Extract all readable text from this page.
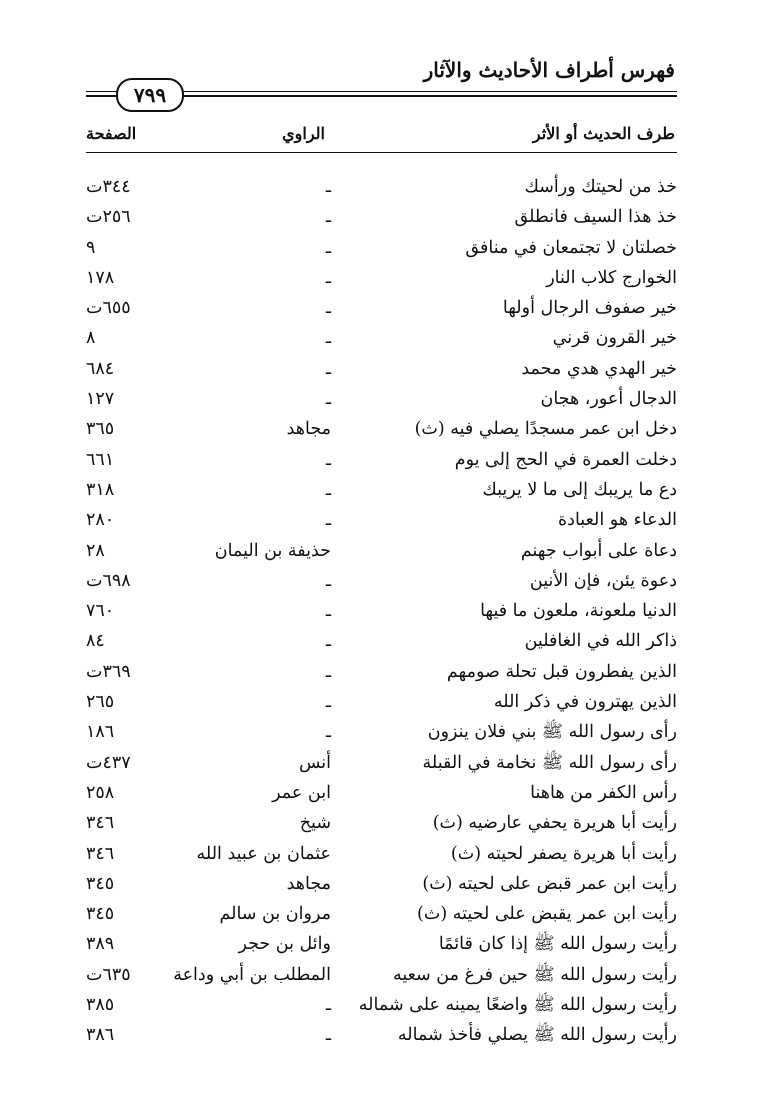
فهرس أطراف الأحاديث والآثار
٧٩٩
طرف الحديث أو الأثر
الراوي
الصفحة
خذ من لحيتك ورأسك
ـ
٣٤٤ت
خذ هذا السيف فانطلق
ـ
٢٥٦ت
خصلتان لا تجتمعان في منافق
ـ
٩
الخوارج كلاب النار
ـ
١٧٨
خير صفوف الرجال أولها
ـ
٦٥٥ت
خير القرون قرني
ـ
٨
خير الهدي هدي محمد
ـ
٦٨٤
الدجال أعور، هجان
ـ
١٢٧
دخل ابن عمر مسجدًا يصلي فيه (ث)
مجاهد
٣٦٥
دخلت العمرة في الحج إلى يوم
ـ
٦٦١
دع ما يريبك إلى ما لا يريبك
ـ
٣١٨
الدعاء هو العبادة
ـ
٢٨٠
دعاة على أبواب جهنم
حذيفة بن اليمان
٢٨
دعوة يئن، فإن الأنين
ـ
٦٩٨ت
الدنيا ملعونة، ملعون ما فيها
ـ
٧٦٠
ذاكر الله في الغافلين
ـ
٨٤
الذين يفطرون قبل تحلة صومهم
ـ
٣٦٩ت
الذين يهترون في ذكر الله
ـ
٢٦٥
رأى رسول الله ﷺ بني فلان ينزون
ـ
١٨٦
رأى رسول الله ﷺ نخامة في القبلة
أنس
٤٣٧ت
رأس الكفر من هاهنا
ابن عمر
٢٥٨
رأيت أبا هريرة يحفي عارضيه (ث)
شيخ
٣٤٦
رأيت أبا هريرة يصفر لحيته (ث)
عثمان بن عبيد الله
٣٤٦
رأيت ابن عمر قبض على لحيته (ث)
مجاهد
٣٤٥
رأيت ابن عمر يقبض على لحيته (ث)
مروان بن سالم
٣٤٥
رأيت رسول الله ﷺ إذا كان قائمًا
وائل بن حجر
٣٨٩
رأيت رسول الله ﷺ حين فرغ من سعيه
المطلب بن أبي وداعة
٦٣٥ت
رأيت رسول الله ﷺ واضعًا يمينه على شماله
ـ
٣٨٥
رأيت رسول الله ﷺ يصلي فأخذ شماله
ـ
٣٨٦
